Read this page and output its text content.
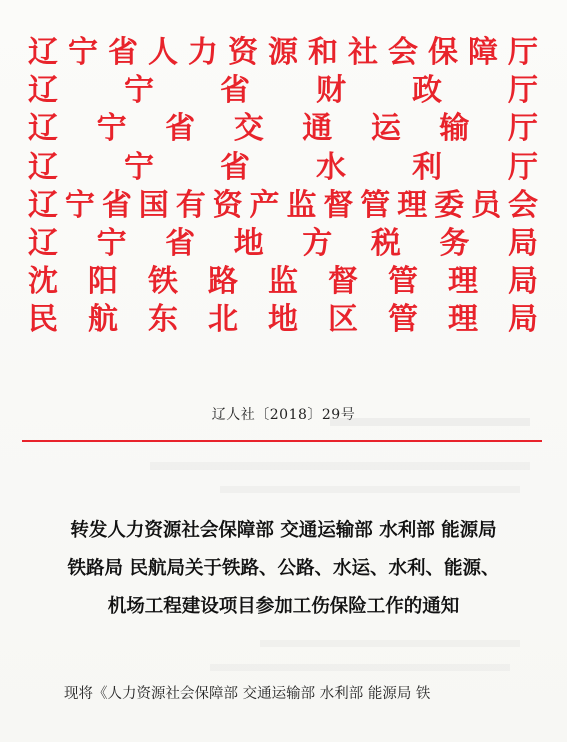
辽 宁 省 人 力 资 源 和 社 会 保 障 厅
辽 宁 省 财 政 厅
辽 宁 省 交 通 运 输 厅
辽 宁 省 水 利 厅
辽 宁 省 国 有 资 产 监 督 管 理 委 员 会
辽 宁 省 地 方 税 务 局
沈 阳 铁 路 监 督 管 理 局
民 航 东 北 地 区 管 理 局
辽人社〔2018〕29号
转发人力资源社会保障部 交通运输部 水利部 能源局
铁路局 民航局关于铁路、公路、水运、水利、能源、
机场工程建设项目参加工伤保险工作的通知
现将《人力资源社会保障部 交通运输部 水利部 能源局 铁
